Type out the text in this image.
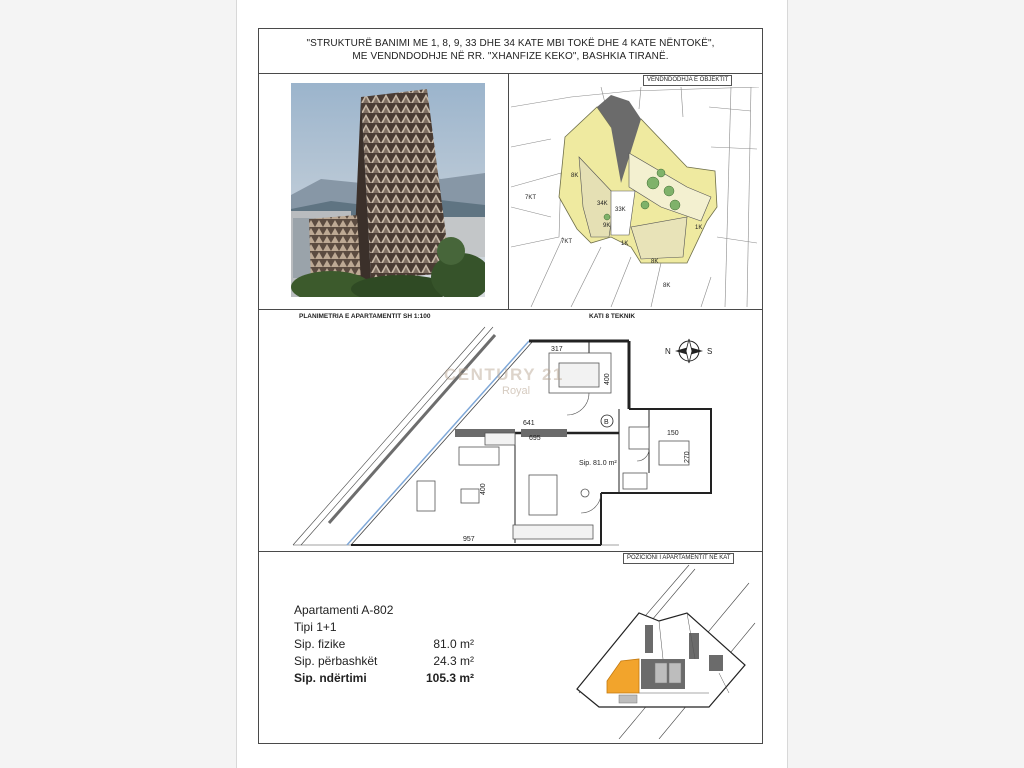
"STRUKTURË BANIMI ME 1, 8, 9, 33 DHE 34 KATE MBI TOKË DHE 4 KATE NËNTOKË",
ME VENDNDODHJE NË RR. "XHANFIZE KEKO", BASHKIA TIRANË.
VENDNDODHJA E OBJEKTIT
7KT
7KT
8K
34K
33K
9K
1K
1K
8K
8K
PLANIMETRIA E APARTAMENTIT SH 1:100	KATI 8 TEKNIK
B
317
641
695
150
957
400
270
400
Sip. 81.0 m²
N	S
CENTURY 21
Royal
POZICIONI I APARTAMENTIT NË KAT
Apartamenti A-802
Tipi 1+1
Sip. fizike	81.0 m²
Sip. përbashkët	24.3 m²
Sip. ndërtimi	105.3 m²
